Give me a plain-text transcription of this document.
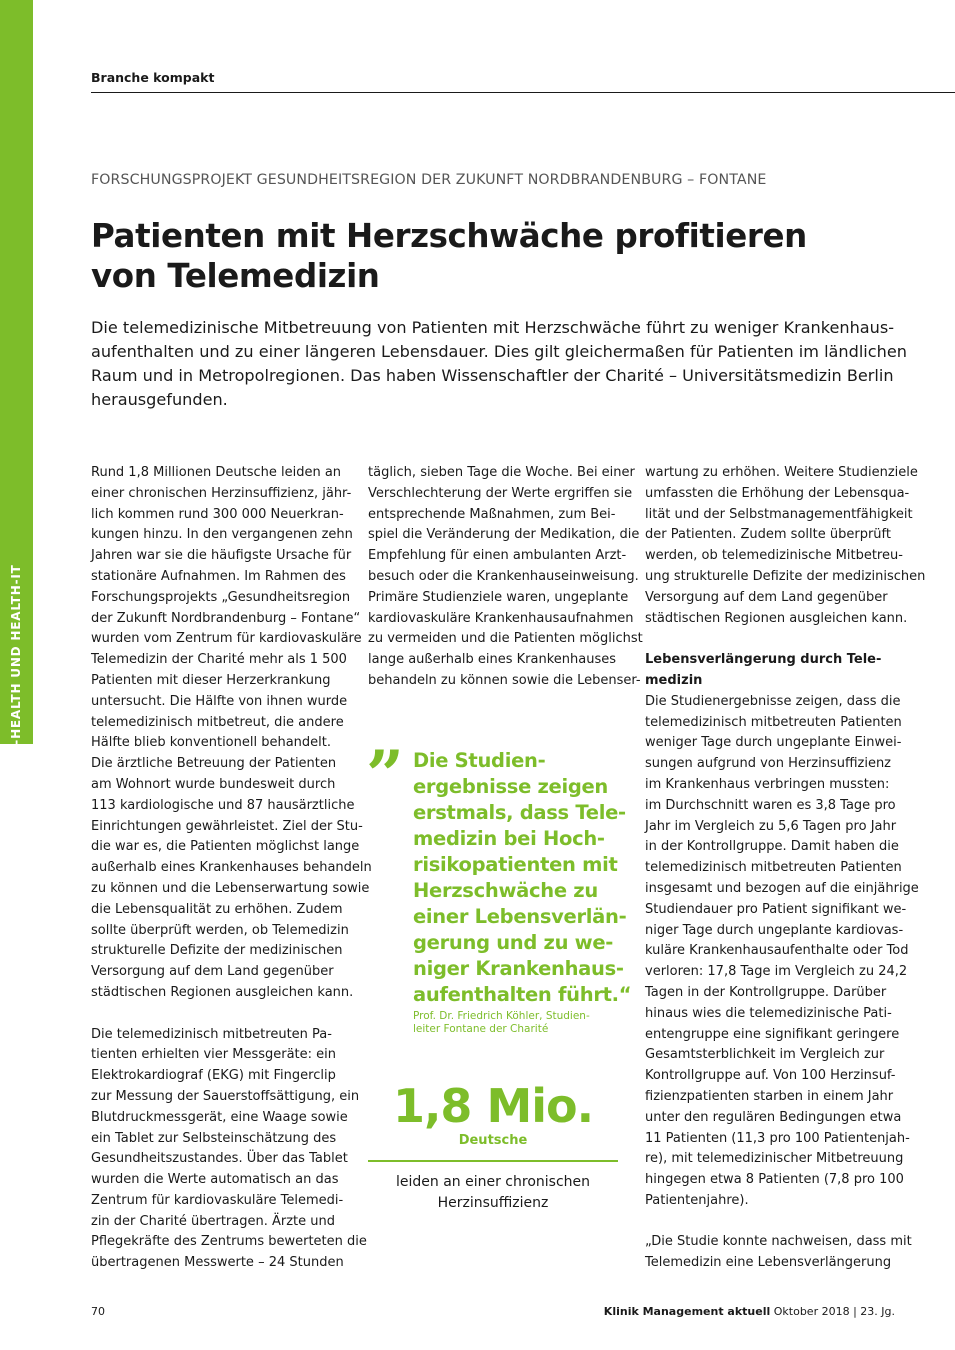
E-HEALTH UND HEALTH-IT
Branche kompakt
FORSCHUNGSPROJEKT GESUNDHEITSREGION DER ZUKUNFT NORDBRANDENBURG – FONTANE
Patienten mit Herzschwäche profitieren
von Telemedizin

Die telemedizinische Mitbetreuung von Patienten mit Herzschwäche führt zu weniger Krankenhaus-
aufenthalten und zu einer längeren Lebensdauer. Dies gilt gleichermaßen für Patienten im ländlichen
Raum und in Metropolregionen. Das haben Wissenschaftler der Charité – Universitätsmedizin Berlin
herausgefunden.

Rund 1,8 Millionen Deutsche leiden an
einer chronischen Herzinsuffizienz, jähr-
lich kommen rund 300 000 Neuerkran-
kungen hinzu. In den vergangenen zehn
Jahren war sie die häufigste Ursache für
stationäre Aufnahmen. Im Rahmen des
Forschungsprojekts „Gesundheitsregion
der Zukunft Nordbrandenburg – Fontane“
wurden vom Zentrum für kardiovaskuläre
Telemedizin der Charité mehr als 1 500
Patienten mit dieser Herzerkrankung
untersucht. Die Hälfte von ihnen wurde
telemedizinisch mitbetreut, die andere
Hälfte blieb konventionell behandelt.
Die ärztliche Betreuung der Patienten
am Wohnort wurde bundesweit durch
113 kardiologische und 87 hausärztliche
Einrichtungen gewährleistet. Ziel der Stu-
die war es, die Patienten möglichst lange
außerhalb eines Krankenhauses behandeln
zu können und die Lebenserwartung sowie
die Lebensqualität zu erhöhen. Zudem
sollte überprüft werden, ob Telemedizin
strukturelle Defizite der medizinischen
Versorgung auf dem Land gegenüber
städtischen Regionen ausgleichen kann.
Die telemedizinisch mitbetreuten Pa-
tienten erhielten vier Messgeräte: ein
Elektrokardiograf (EKG) mit Fingerclip
zur Messung der Sauerstoffsättigung, ein
Blutdruckmessgerät, eine Waage sowie
ein Tablet zur Selbsteinschätzung des
Gesundheitszustandes. Über das Tablet
wurden die Werte automatisch an das
Zentrum für kardiovaskuläre Telemedi-
zin der Charité übertragen. Ärzte und
Pflegekräfte des Zentrums bewerteten die
übertragenen Messwerte – 24 Stunden
täglich, sieben Tage die Woche. Bei einer
Verschlechterung der Werte ergriffen sie
entsprechende Maßnahmen, zum Bei-
spiel die Veränderung der Medikation, die
Empfehlung für einen ambulanten Arzt-
besuch oder die Krankenhauseinweisung.
Primäre Studienziele waren, ungeplante
kardiovaskuläre Krankenhausaufnahmen
zu vermeiden und die Patienten möglichst
lange außerhalb eines Krankenhauses
behandeln zu können sowie die Lebenser-
wartung zu erhöhen. Weitere Studienziele
umfassten die Erhöhung der Lebensqua-
lität und der Selbstmanagementfähigkeit
der Patienten. Zudem sollte überprüft
werden, ob telemedizinische Mitbetreu-
ung strukturelle Defizite der medizinischen
Versorgung auf dem Land gegenüber
städtischen Regionen ausgleichen kann.
Lebensverlängerung durch Tele-
medizin
Die Studienergebnisse zeigen, dass die
telemedizinisch mitbetreuten Patienten
weniger Tage durch ungeplante Einwei-
sungen aufgrund von Herzinsuffizienz
im Krankenhaus verbringen mussten:
im Durchschnitt waren es 3,8 Tage pro
Jahr im Vergleich zu 5,6 Tagen pro Jahr
in der Kontrollgruppe. Damit haben die
telemedizinisch mitbetreuten Patienten
insgesamt und bezogen auf die einjährige
Studiendauer pro Patient signifikant we-
niger Tage durch ungeplante kardiovas-
kuläre Krankenhausaufenthalte oder Tod
verloren: 17,8 Tage im Vergleich zu 24,2
Tagen in der Kontrollgruppe. Darüber
hinaus wies die telemedizinische Pati-
entengruppe eine signifikant geringere
Gesamtsterblichkeit im Vergleich zur
Kontrollgruppe auf. Von 100 Herzinsuf-
fizienzpatienten starben in einem Jahr
unter den regulären Bedingungen etwa
11 Patienten (11,3 pro 100 Patientenjah-
re), mit telemedizinischer Mitbetreuung
hingegen etwa 8 Patienten (7,8 pro 100
Patientenjahre).
„Die Studie konnte nachweisen, dass mit
Telemedizin eine Lebensverlängerung
” Die Studien-
ergebnisse zeigen
erstmals, dass Tele-
medizin bei Hoch-
risikopatienten mit
Herzschwäche zu
einer Lebensverlän-
gerung und zu we-
niger Krankenhaus-
aufenthalten führt.“
Prof. Dr. Friedrich Köhler, Studien-
leiter Fontane der Charité
1,8 Mio.
Deutsche
leiden an einer chronischen
Herzinsuffizienz
70	Klinik Management aktuell Oktober 2018 | 23. Jg.
